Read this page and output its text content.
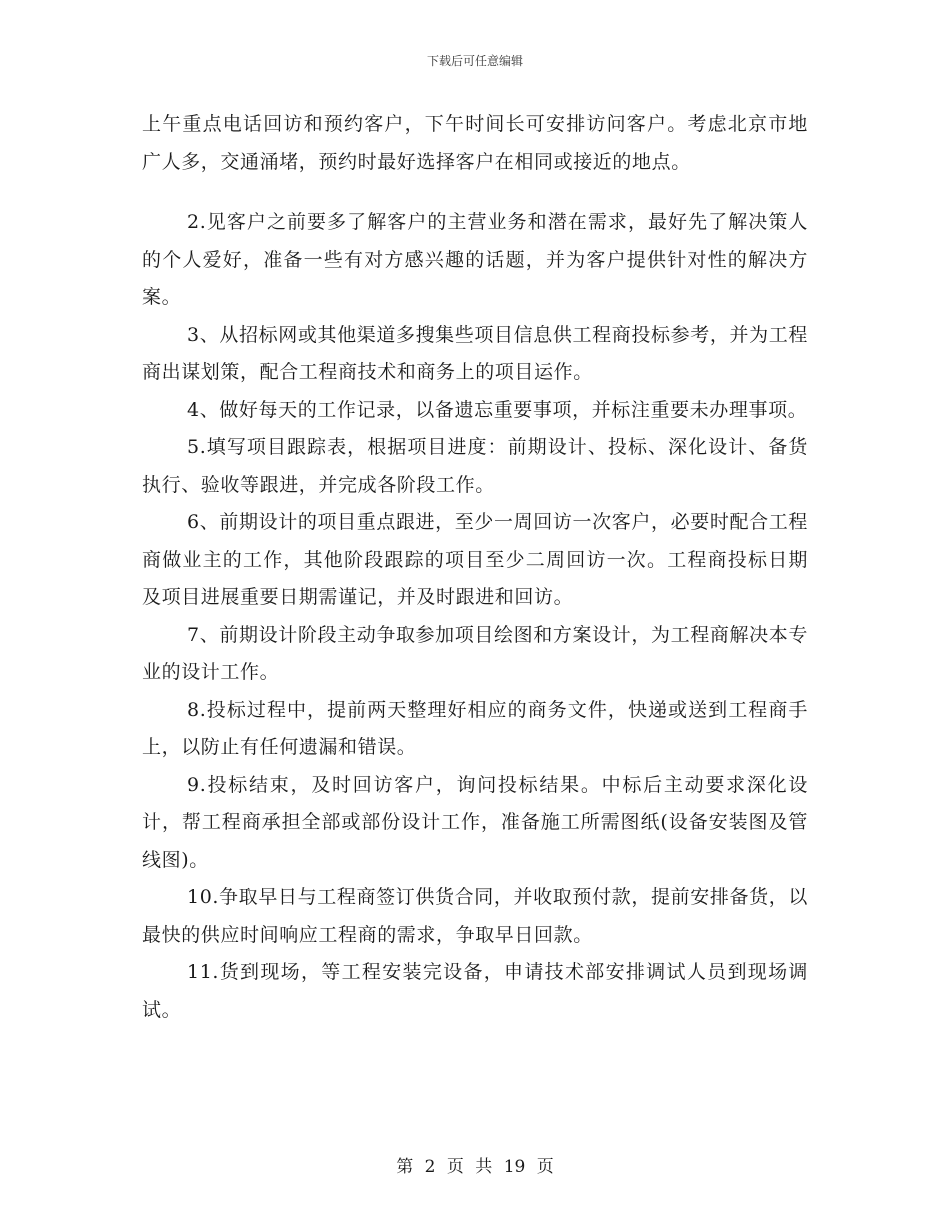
下载后可任意编辑

上午重点电话回访和预约客户，下午时间长可安排访问客户。考虑北京市地广人多，交通涌堵，预约时最好选择客户在相同或接近的地点。

2.见客户之前要多了解客户的主营业务和潜在需求，最好先了解决策人的个人爱好，准备一些有对方感兴趣的话题，并为客户提供针对性的解决方案。

3、从招标网或其他渠道多搜集些项目信息供工程商投标参考，并为工程商出谋划策，配合工程商技术和商务上的项目运作。

4、做好每天的工作记录，以备遗忘重要事项，并标注重要未办理事项。

5.填写项目跟踪表，根据项目进度：前期设计、投标、深化设计、备货执行、验收等跟进，并完成各阶段工作。

6、前期设计的项目重点跟进，至少一周回访一次客户，必要时配合工程商做业主的工作，其他阶段跟踪的项目至少二周回访一次。工程商投标日期及项目进展重要日期需谨记，并及时跟进和回访。

7、前期设计阶段主动争取参加项目绘图和方案设计，为工程商解决本专业的设计工作。

8.投标过程中，提前两天整理好相应的商务文件，快递或送到工程商手上，以防止有任何遗漏和错误。

9.投标结束，及时回访客户，询问投标结果。中标后主动要求深化设计，帮工程商承担全部或部份设计工作，准备施工所需图纸(设备安装图及管线图)。

10.争取早日与工程商签订供货合同，并收取预付款，提前安排备货，以最快的供应时间响应工程商的需求，争取早日回款。

11.货到现场，等工程安装完设备，申请技术部安排调试人员到现场调试。

第 2 页 共 19 页
